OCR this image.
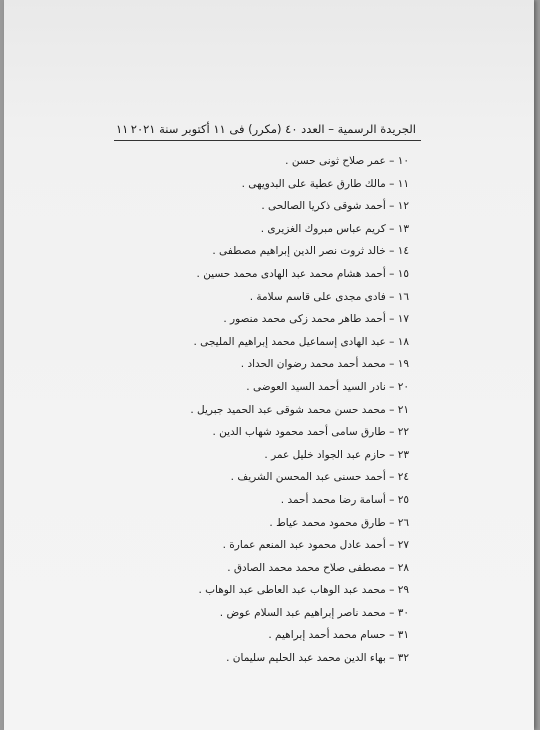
الجريدة الرسمية – العدد ٤٠ (مكرر) فى ١١ أكتوبر سنة ٢٠٢١
١١
١٠ – عمر صلاح ثونى حسن .
١١ – مالك طارق عطية على البدويهى .
١٢ – أحمد شوقى ذكريا الصالحى .
١٣ – كريم عباس مبروك الغزيرى .
١٤ – خالد ثروت نصر الدين إبراهيم مصطفى .
١٥ – أحمد هشام محمد عبد الهادى محمد حسين .
١٦ – فادى مجدى على قاسم سلامة .
١٧ – أحمد طاهر محمد زكى محمد منصور .
١٨ – عبد الهادى إسماعيل محمد إبراهيم المليجى .
١٩ – محمد أحمد محمد رضوان الحداد .
٢٠ – نادر السيد أحمد السيد العوضى .
٢١ – محمد حسن محمد شوقى عبد الحميد جبريل .
٢٢ – طارق سامى أحمد محمود شهاب الدين .
٢٣ – حازم عبد الجواد خليل عمر .
٢٤ – أحمد حسنى عبد المحسن الشريف .
٢٥ – أسامة رضا محمد أحمد .
٢٦ – طارق محمود محمد عياط .
٢٧ – أحمد عادل محمود عبد المنعم عمارة .
٢٨ – مصطفى صلاح محمد محمد الصادق .
٢٩ – محمد عبد الوهاب عبد العاطى عبد الوهاب .
٣٠ – محمد ناصر إبراهيم عبد السلام عوض .
٣١ – حسام محمد أحمد إبراهيم .
٣٢ – بهاء الدين محمد عبد الحليم سليمان .
